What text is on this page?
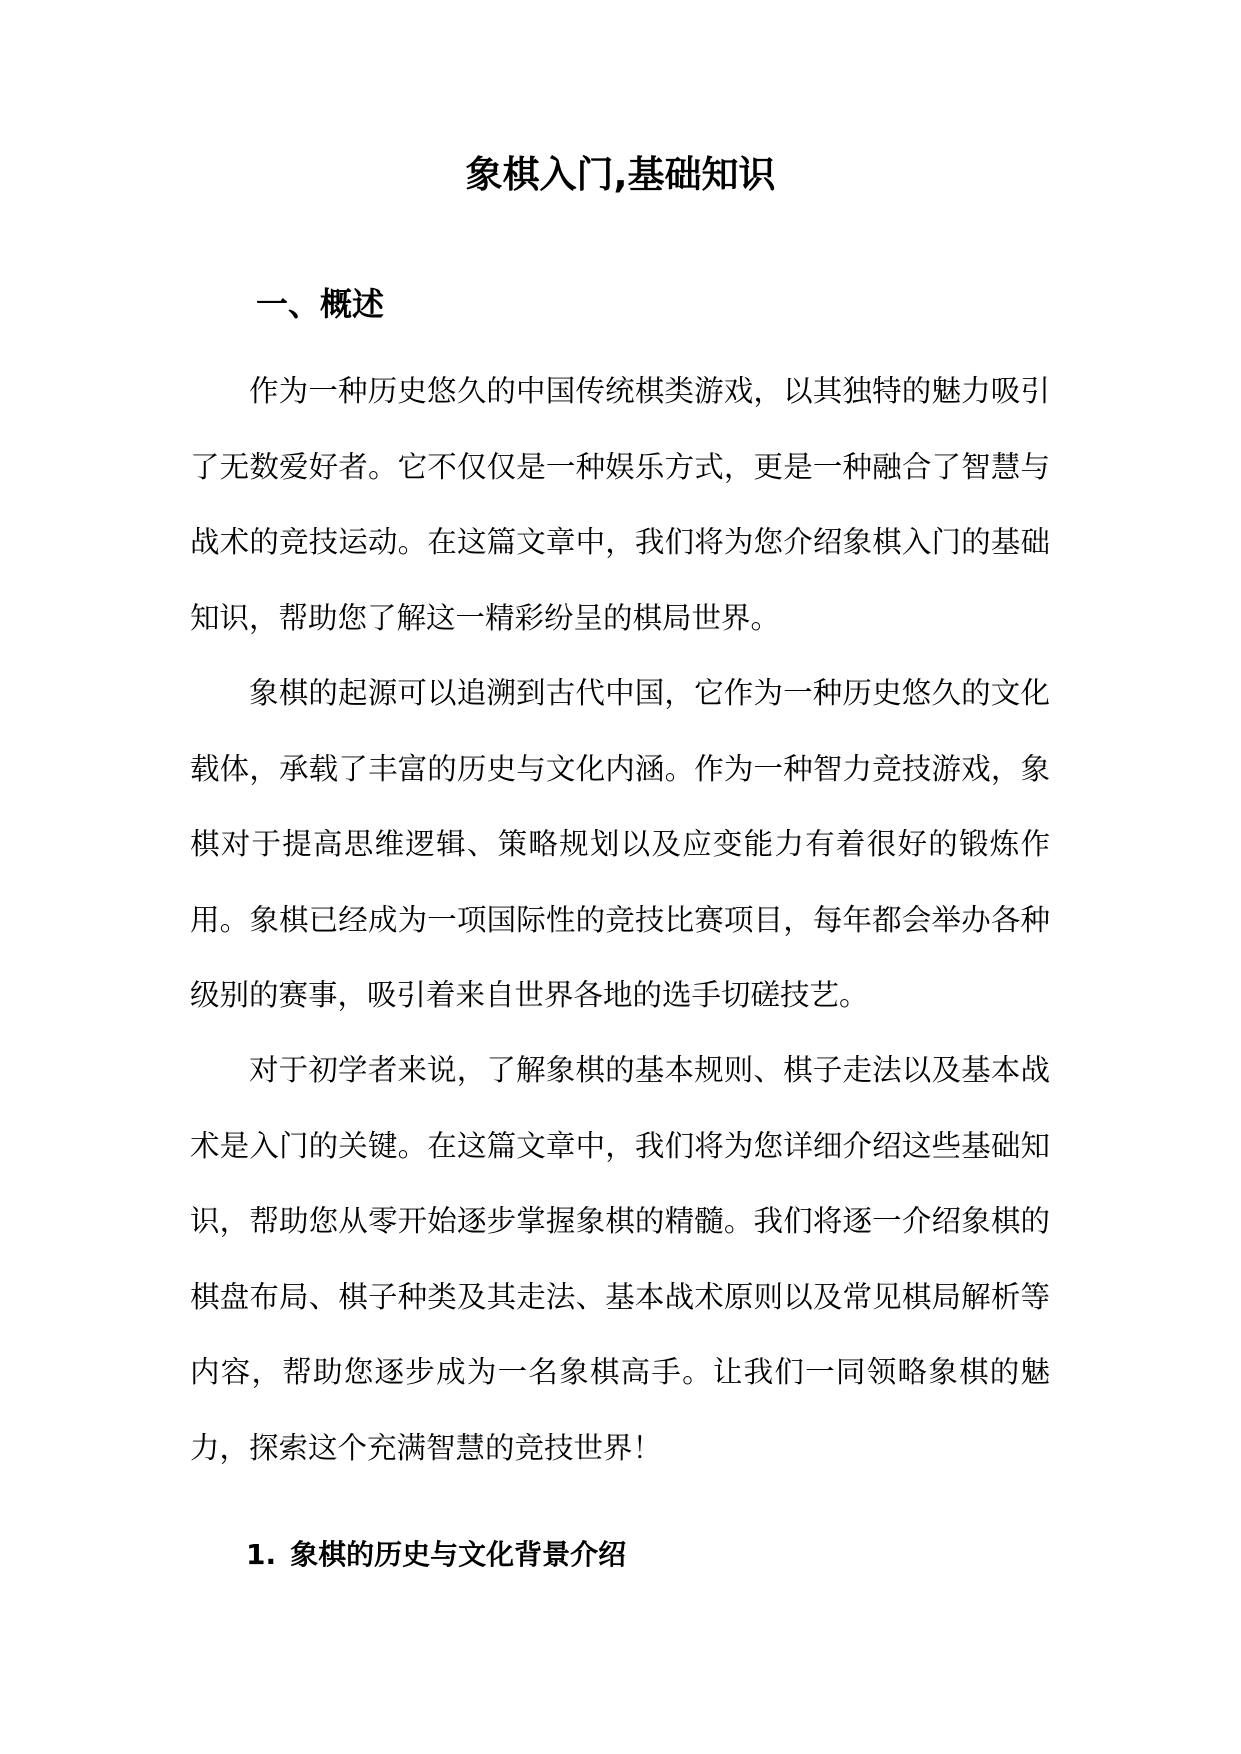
象棋入门,基础知识
一、概述

作为一种历史悠久的中国传统棋类游戏，以其独特的魅力吸引了无数爱好者。它不仅仅是一种娱乐方式，更是一种融合了智慧与战术的竞技运动。在这篇文章中，我们将为您介绍象棋入门的基础知识，帮助您了解这一精彩纷呈的棋局世界。

象棋的起源可以追溯到古代中国，它作为一种历史悠久的文化载体，承载了丰富的历史与文化内涵。作为一种智力竞技游戏，象棋对于提高思维逻辑、策略规划以及应变能力有着很好的锻炼作用。象棋已经成为一项国际性的竞技比赛项目，每年都会举办各种级别的赛事，吸引着来自世界各地的选手切磋技艺。

对于初学者来说，了解象棋的基本规则、棋子走法以及基本战术是入门的关键。在这篇文章中，我们将为您详细介绍这些基础知识，帮助您从零开始逐步掌握象棋的精髓。我们将逐一介绍象棋的棋盘布局、棋子种类及其走法、基本战术原则以及常见棋局解析等内容，帮助您逐步成为一名象棋高手。让我们一同领略象棋的魅力，探索这个充满智慧的竞技世界！

1. 象棋的历史与文化背景介绍
